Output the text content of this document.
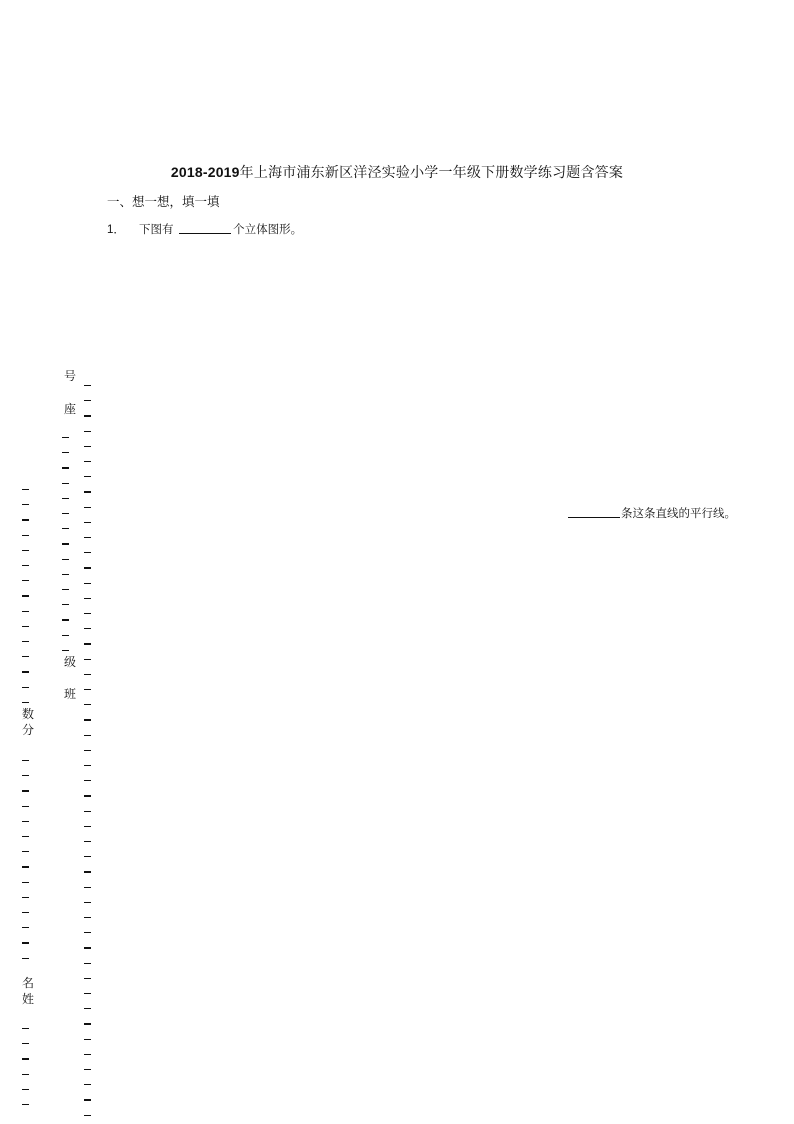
2018-2019年上海市浦东新区洋泾实验小学一年级下册数学练习题含答案
一、想一想，填一填
1． 下图有	个立体图形。
条这条直线的平行线。
号
座
级
班
数
分
名
姓
